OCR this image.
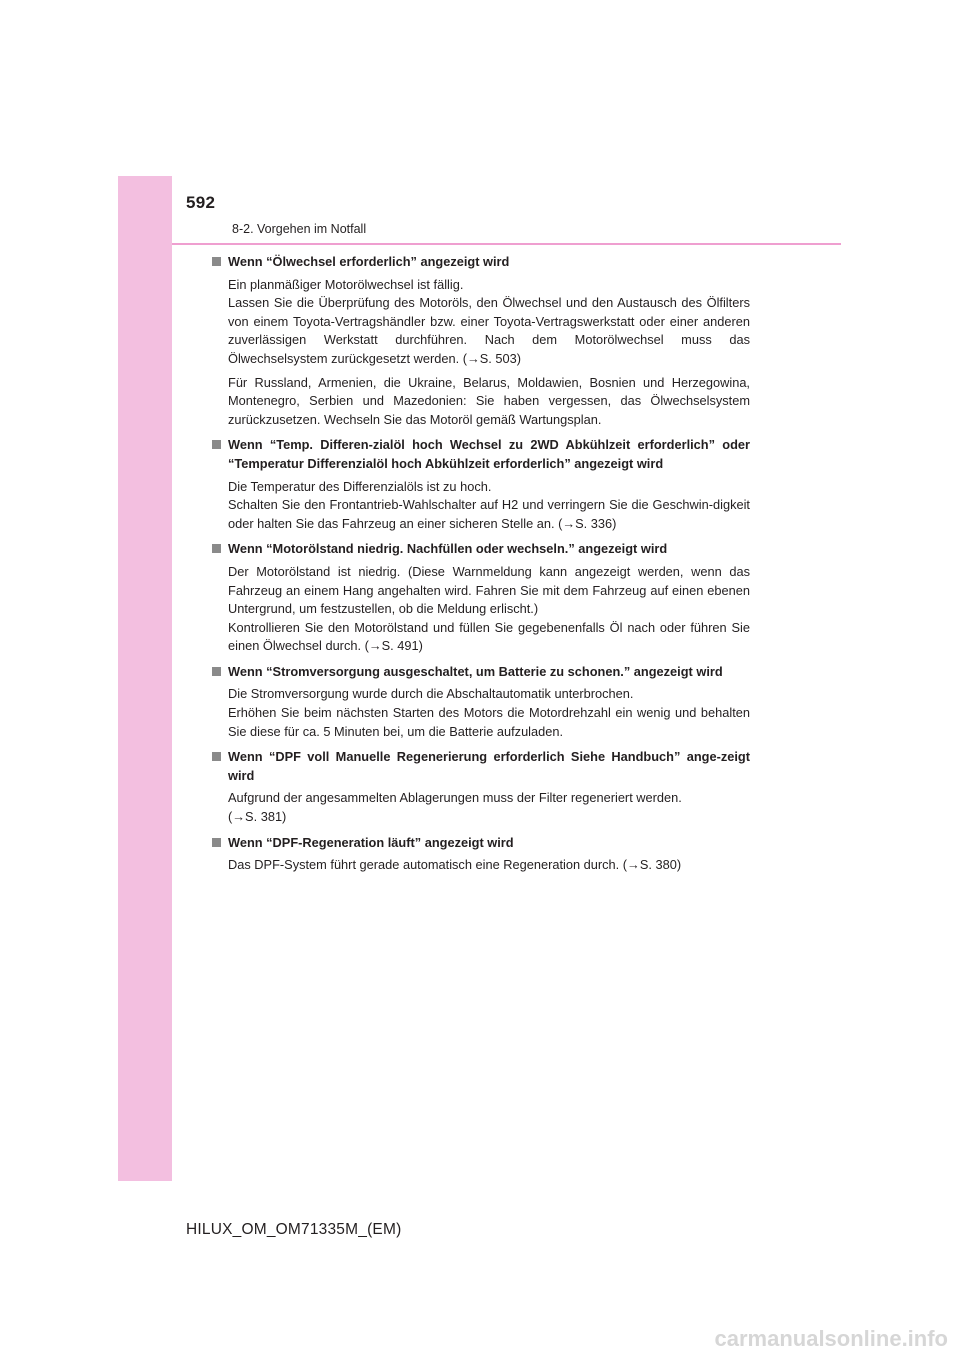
592
8-2. Vorgehen im Notfall
Wenn “Ölwechsel erforderlich” angezeigt wird
Ein planmäßiger Motorölwechsel ist fällig.
Lassen Sie die Überprüfung des Motoröls, den Ölwechsel und den Austausch des Ölfilters von einem Toyota-Vertragshändler bzw. einer Toyota-Vertragswerkstatt oder einer anderen zuverlässigen Werkstatt durchführen. Nach dem Motorölwechsel muss das Ölwechselsystem zurückgesetzt werden. (→S. 503)
Für Russland, Armenien, die Ukraine, Belarus, Moldawien, Bosnien und Herzegowina, Montenegro, Serbien und Mazedonien: Sie haben vergessen, das Ölwechselsystem zurückzusetzen. Wechseln Sie das Motoröl gemäß Wartungsplan.
Wenn “Temp. Differen-zialöl hoch Wechsel zu 2WD Abkühlzeit erforderlich” oder “Temperatur Differenzialöl hoch Abkühlzeit erforderlich” angezeigt wird
Die Temperatur des Differenzialöls ist zu hoch.
Schalten Sie den Frontantrieb-Wahlschalter auf H2 und verringern Sie die Geschwin-digkeit oder halten Sie das Fahrzeug an einer sicheren Stelle an. (→S. 336)
Wenn “Motorölstand niedrig. Nachfüllen oder wechseln.” angezeigt wird
Der Motorölstand ist niedrig. (Diese Warnmeldung kann angezeigt werden, wenn das Fahrzeug an einem Hang angehalten wird. Fahren Sie mit dem Fahrzeug auf einen ebenen Untergrund, um festzustellen, ob die Meldung erlischt.)
Kontrollieren Sie den Motorölstand und füllen Sie gegebenenfalls Öl nach oder führen Sie einen Ölwechsel durch. (→S. 491)
Wenn “Stromversorgung ausgeschaltet, um Batterie zu schonen.” angezeigt wird
Die Stromversorgung wurde durch die Abschaltautomatik unterbrochen.
Erhöhen Sie beim nächsten Starten des Motors die Motordrehzahl ein wenig und behalten Sie diese für ca. 5 Minuten bei, um die Batterie aufzuladen.
Wenn “DPF voll Manuelle Regenerierung erforderlich Siehe Handbuch” ange-zeigt wird
Aufgrund der angesammelten Ablagerungen muss der Filter regeneriert werden.
(→S. 381)
Wenn “DPF-Regeneration läuft” angezeigt wird
Das DPF-System führt gerade automatisch eine Regeneration durch. (→S. 380)
HILUX_OM_OM71335M_(EM)
carmanualsonline.info
